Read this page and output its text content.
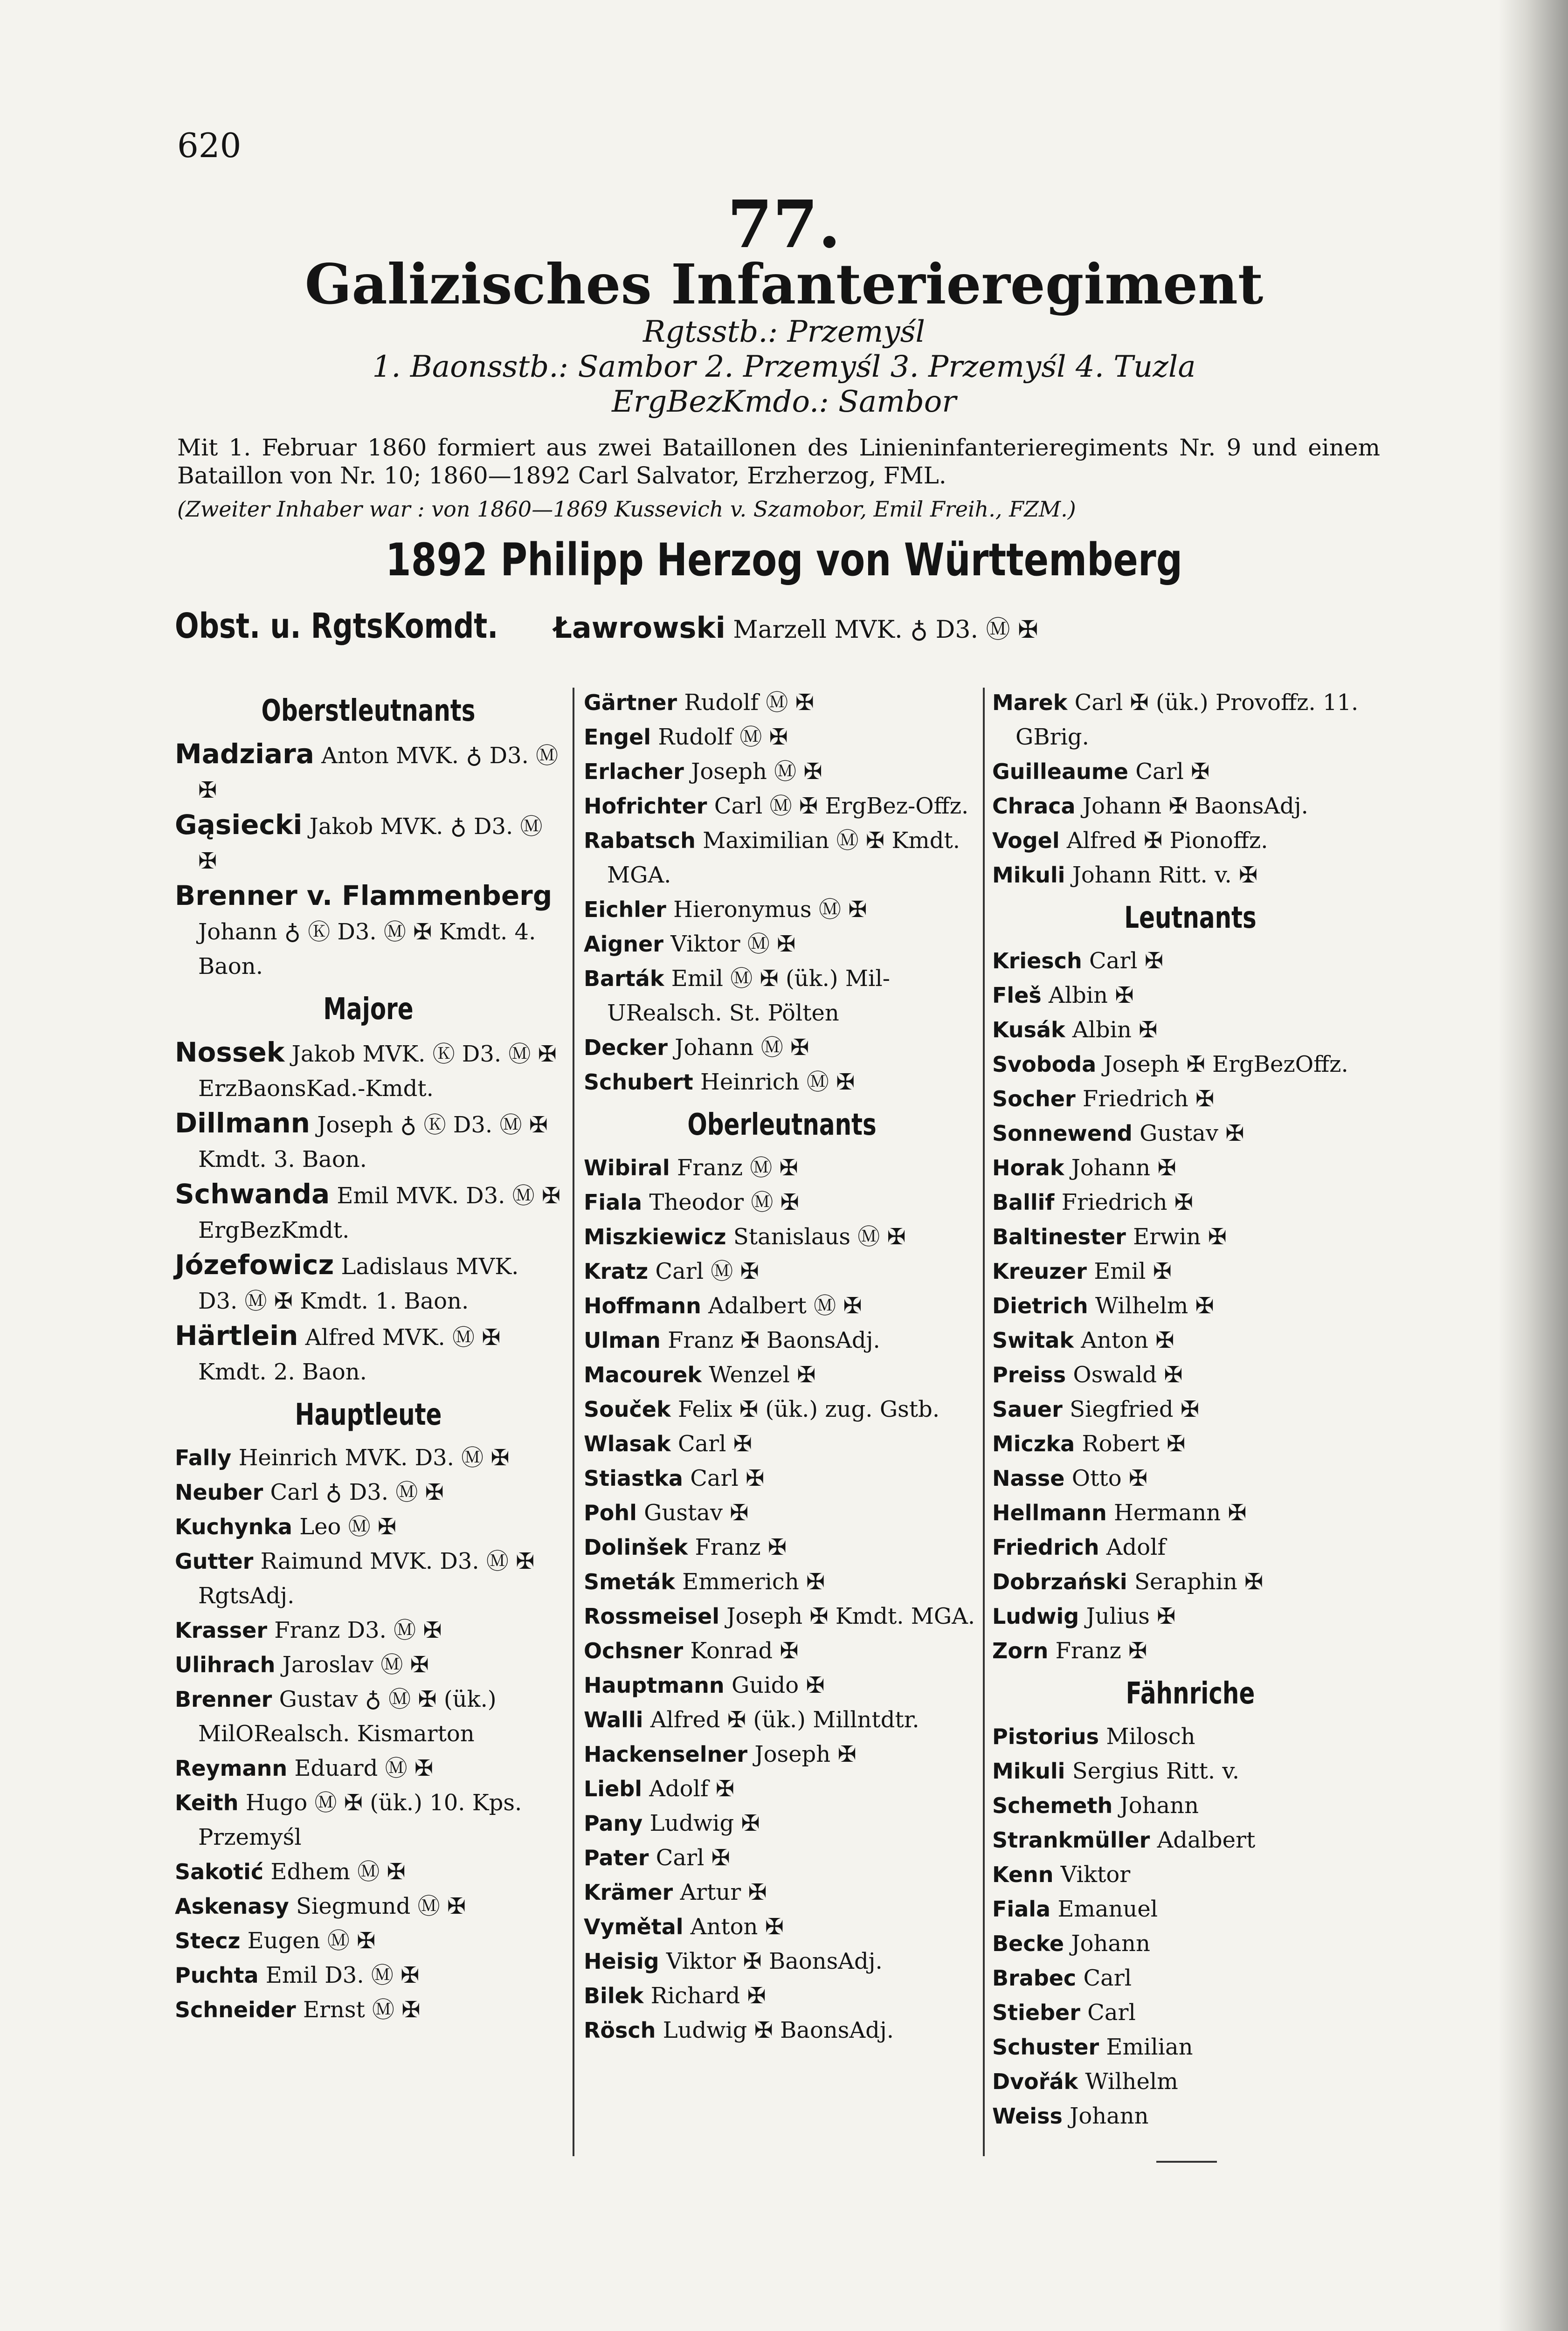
620
77.
Galizisches Infanterieregiment
Rgtsstb.: Przemyśl
1. Baonsstb.: Sambor 2. Przemyśl 3. Przemyśl 4. Tuzla
ErgBezKmdo.: Sambor
Mit 1. Februar 1860 formiert aus zwei Bataillonen des Linieninfanterieregiments Nr. 9 und einem Bataillon von Nr. 10; 1860—1892 Carl Salvator, Erzherzog, FML.
(Zweiter Inhaber war : von 1860—1869 Kussevich v. Szamobor, Emil Freih., FZM.)
1892 Philipp Herzog von Württemberg
Obst. u. RgtsKomdt. Ławrowski Marzell MVK. ♁ D3. Ⓜ ✠
Oberstleutnants

Madziara Anton MVK. ♁ D3. Ⓜ ✠

Gąsiecki Jakob MVK. ♁ D3. Ⓜ ✠

Brenner v. Flammenberg Johann ♁ Ⓚ D3. Ⓜ ✠ Kmdt. 4. Baon.

Majore

Nossek Jakob MVK. Ⓚ D3. Ⓜ ✠ ErzBaonsKad.-Kmdt.

Dillmann Joseph ♁ Ⓚ D3. Ⓜ ✠ Kmdt. 3. Baon.

Schwanda Emil MVK. D3. Ⓜ ✠ ErgBezKmdt.

Józefowicz Ladislaus MVK. D3. Ⓜ ✠ Kmdt. 1. Baon.

Härtlein Alfred MVK. Ⓜ ✠ Kmdt. 2. Baon.

Hauptleute

Fally Heinrich MVK. D3. Ⓜ ✠

Neuber Carl ♁ D3. Ⓜ ✠

Kuchynka Leo Ⓜ ✠

Gutter Raimund MVK. D3. Ⓜ ✠ RgtsAdj.

Krasser Franz D3. Ⓜ ✠

Ulihrach Jaroslav Ⓜ ✠

Brenner Gustav ♁ Ⓜ ✠ (ük.) MilORealsch. Kismarton

Reymann Eduard Ⓜ ✠

Keith Hugo Ⓜ ✠ (ük.) 10. Kps. Przemyśl

Sakotić Edhem Ⓜ ✠

Askenasy Siegmund Ⓜ ✠

Stecz Eugen Ⓜ ✠

Puchta Emil D3. Ⓜ ✠

Schneider Ernst Ⓜ ✠

Gärtner Rudolf Ⓜ ✠

Engel Rudolf Ⓜ ✠

Erlacher Joseph Ⓜ ✠

Hofrichter Carl Ⓜ ✠ ErgBez-Offz.

Rabatsch Maximilian Ⓜ ✠ Kmdt. MGA.

Eichler Hieronymus Ⓜ ✠

Aigner Viktor Ⓜ ✠

Barták Emil Ⓜ ✠ (ük.) Mil-URealsch. St. Pölten

Decker Johann Ⓜ ✠

Schubert Heinrich Ⓜ ✠

Oberleutnants

Wibiral Franz Ⓜ ✠

Fiala Theodor Ⓜ ✠

Miszkiewicz Stanislaus Ⓜ ✠

Kratz Carl Ⓜ ✠

Hoffmann Adalbert Ⓜ ✠

Ulman Franz ✠ BaonsAdj.

Macourek Wenzel ✠

Souček Felix ✠ (ük.) zug. Gstb.

Wlasak Carl ✠

Stiastka Carl ✠

Pohl Gustav ✠

Dolinšek Franz ✠

Smeták Emmerich ✠

Rossmeisel Joseph ✠ Kmdt. MGA.

Ochsner Konrad ✠

Hauptmann Guido ✠

Walli Alfred ✠ (ük.) Millntdtr.

Hackenselner Joseph ✠

Liebl Adolf ✠

Pany Ludwig ✠

Pater Carl ✠

Krämer Artur ✠

Vymětal Anton ✠

Heisig Viktor ✠ BaonsAdj.

Bilek Richard ✠

Rösch Ludwig ✠ BaonsAdj.

Marek Carl ✠ (ük.) Provoffz. 11. GBrig.

Guilleaume Carl ✠

Chraca Johann ✠ BaonsAdj.

Vogel Alfred ✠ Pionoffz.

Mikuli Johann Ritt. v. ✠

Leutnants

Kriesch Carl ✠

Fleš Albin ✠

Kusák Albin ✠

Svoboda Joseph ✠ ErgBezOffz.

Socher Friedrich ✠

Sonnewend Gustav ✠

Horak Johann ✠

Ballif Friedrich ✠

Baltinester Erwin ✠

Kreuzer Emil ✠

Dietrich Wilhelm ✠

Switak Anton ✠

Preiss Oswald ✠

Sauer Siegfried ✠

Miczka Robert ✠

Nasse Otto ✠

Hellmann Hermann ✠

Friedrich Adolf

Dobrzański Seraphin ✠

Ludwig Julius ✠

Zorn Franz ✠

Fähnriche

Pistorius Milosch

Mikuli Sergius Ritt. v.

Schemeth Johann

Strankmüller Adalbert

Kenn Viktor

Fiala Emanuel

Becke Johann

Brabec Carl

Stieber Carl

Schuster Emilian

Dvořák Wilhelm

Weiss Johann
